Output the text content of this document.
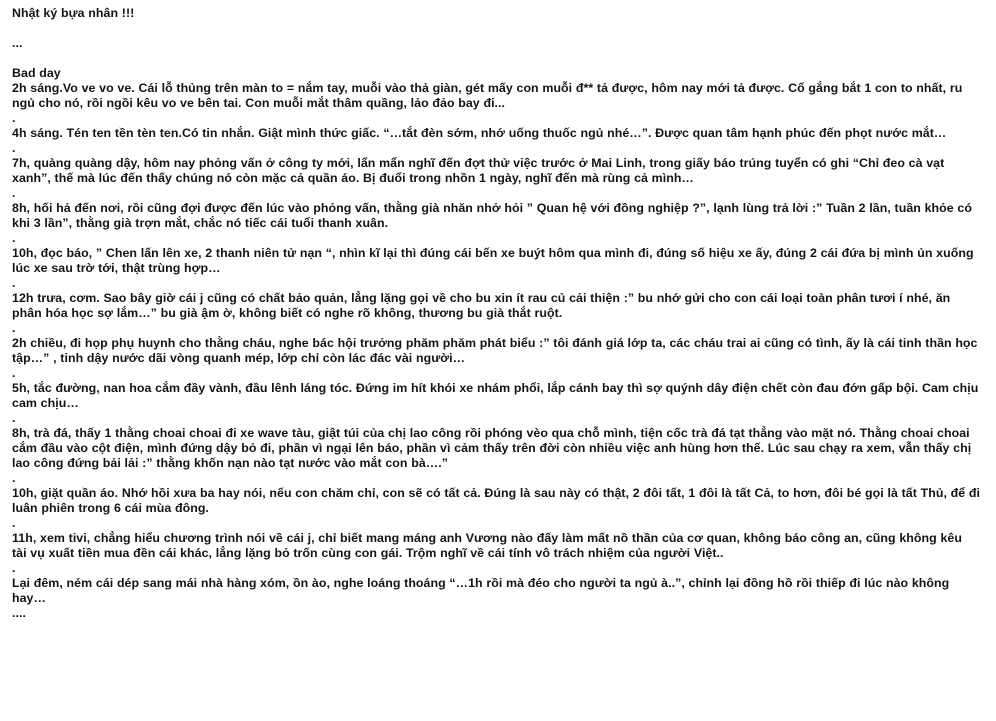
Nhật ký bựa nhân !!!

...

Bad day

2h sáng.Vo ve vo ve. Cái lỗ thủng trên màn to = nắm tay, muỗi vào thả giàn, gét mấy con muỗi đ** tả được, hôm nay mới tả được. Cố gắng bắt 1 con to nhất, ru ngủ cho nó, rồi ngồi kêu vo ve bên tai. Con muỗi mắt thâm quầng, lảo đảo bay đi...

.

4h sáng. Tén ten tền tèn ten.Có tin nhắn. Giật mình thức giấc. “…tắt đèn sớm, nhớ uống thuốc ngủ nhé…”. Được quan tâm hạnh phúc đến phọt nước mắt…

.

7h, quàng quàng dậy, hôm nay phỏng vấn ở công ty mới, lẩn mẩn nghĩ đến đợt thử việc trước ở Mai Linh, trong giấy báo trúng tuyển có ghi “Chỉ đeo cà vạt xanh”, thế mà lúc đến thấy chúng nó còn mặc cả quần áo. Bị đuổi trong nhồn 1 ngày, nghĩ đến mà rùng cả mình…

.

8h, hối hả đến nơi, rồi cũng đợi được đến lúc vào phỏng vấn, thằng già nhăn nhở hỏi ” Quan hệ với đồng nghiệp ?”, lạnh lùng trả lời :” Tuần 2 lần, tuần khỏe có khi 3 lần”, thằng già trợn mắt, chắc nó tiếc cái tuổi thanh xuân.

.

10h, đọc báo, ” Chen lấn lên xe, 2 thanh niên tử nạn “, nhìn kĩ lại thì đúng cái bến xe buýt hôm qua mình đi, đúng số hiệu xe ấy, đúng 2 cái đứa bị mình ủn xuống lúc xe sau trờ tới, thật trùng hợp…

.

12h trưa, cơm. Sao bây giờ cái j cũng có chất bảo quản, lẳng lặng gọi về cho bu xin ít rau củ cải thiện :” bu nhớ gửi cho con cái loại toàn phân tươi í nhé, ăn phân hóa học sợ lắm…” bu già ậm ờ, không biết có nghe rõ không, thương bu già thắt ruột.

.

2h chiều, đi họp phụ huynh cho thằng cháu, nghe bác hội trưởng phăm phăm phát biểu :” tôi đánh giá lớp ta, các cháu trai ai cũng có tình, ấy là cái tinh thần học tập…” , tinh dậy nước dãi vòng quanh mép, lớp chỉ còn lác đác vài người…

.

5h, tắc đường, nan hoa cắm đầy vành, đầu lênh láng tóc. Đứng im hít khói xe nhám phổi, lắp cánh bay thì sợ quýnh dây điện chết còn đau đớn gấp bội. Cam chịu cam chịu…

.

8h, trà đá, thấy 1 thằng choai choai đi xe wave tàu, giật túi của chị lao công rồi phóng vèo qua chỗ mình, tiện cốc trà đá tạt thẳng vào mặt nó. Thằng choai choai cắm đầu vào cột điện, mình đứng dậy bỏ đi, phần vì ngại lên báo, phần vì cảm thấy trên đời còn nhiều việc anh hùng hơn thế. Lúc sau chạy ra xem, vẫn thấy chị lao công đứng bải lải :” thằng khốn nạn nào tạt nước vào mắt con bà….”

.

10h, giặt quần áo. Nhớ hồi xưa ba hay nói, nếu con chăm chỉ, con sẽ có tất cả. Đúng là sau này có thật, 2 đôi tất, 1 đôi là tất Cả, to hơn, đôi bé gọi là tất Thủ, để đi luân phiên trong 6 cái mùa đông.

.

11h, xem tivi, chẳng hiểu chương trình nói về cái j, chỉ biết mang máng anh Vương nào đấy làm mất nồ thần của cơ quan, không báo công an, cũng không kêu tài vụ xuất tiền mua đền cái khác, lẳng lặng bỏ trốn cùng con gái. Trộm nghĩ về cái tính vô trách nhiệm của người Việt..

.

Lại đêm, ném cái dép sang mái nhà hàng xóm, ồn ào, nghe loáng thoáng “…1h rồi mà đéo cho người ta ngủ à..”, chỉnh lại đồng hồ rồi thiếp đi lúc nào không hay…

....
